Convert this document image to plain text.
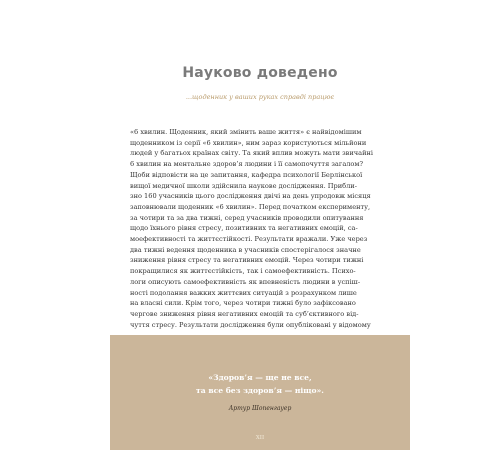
Науково доведено

...щоденник у ваших руках справді працює

«6 хвилин. Щоденник, який змінить ваше життя» є найвідомішим
щоденником із серії «6 хвилин», ним зараз користуються мільйони
людей у багатьох країнах світу. Та який вплив можуть мати звичайні
6 хвилин на ментальне здоров’я людини і її самопочуття загалом?
Щоби відповісти на це запитання, кафедра психології Берлінської
вищої медичної школи здійснила наукове дослідження. Прибли-
зно 160 учасників цього дослідження двічі на день упродовж місяця
заповнювали щоденник «6 хвилин». Перед початком експерименту,
за чотири та за два тижні, серед учасників проводили опитування
щодо їхнього рівня стресу, позитивних та негативних емоцій, са-
моефективності та життєстійкості. Результати вражали. Уже через
два тижні ведення щоденника в учасників спостерігалося значне
зниження рівня стресу та негативних емоцій. Через чотири тижні
покращилися як життєстійкість, так і самоефективність. Психо-
логи описують самоефективність як впевненість людини в успіш-
ності подолання важких життєвих ситуацій з розрахунком лише
на власні сили. Крім того, через чотири тижні було зафіксовано
чергове зниження рівня негативних емоцій та суб’єктивного від-
чуття стресу. Результати дослідження були опубліковані у відомому
«Здоров’я — ще не все,
та все без здоров’я — ніщо».
Артур Шопенгауер
XII
